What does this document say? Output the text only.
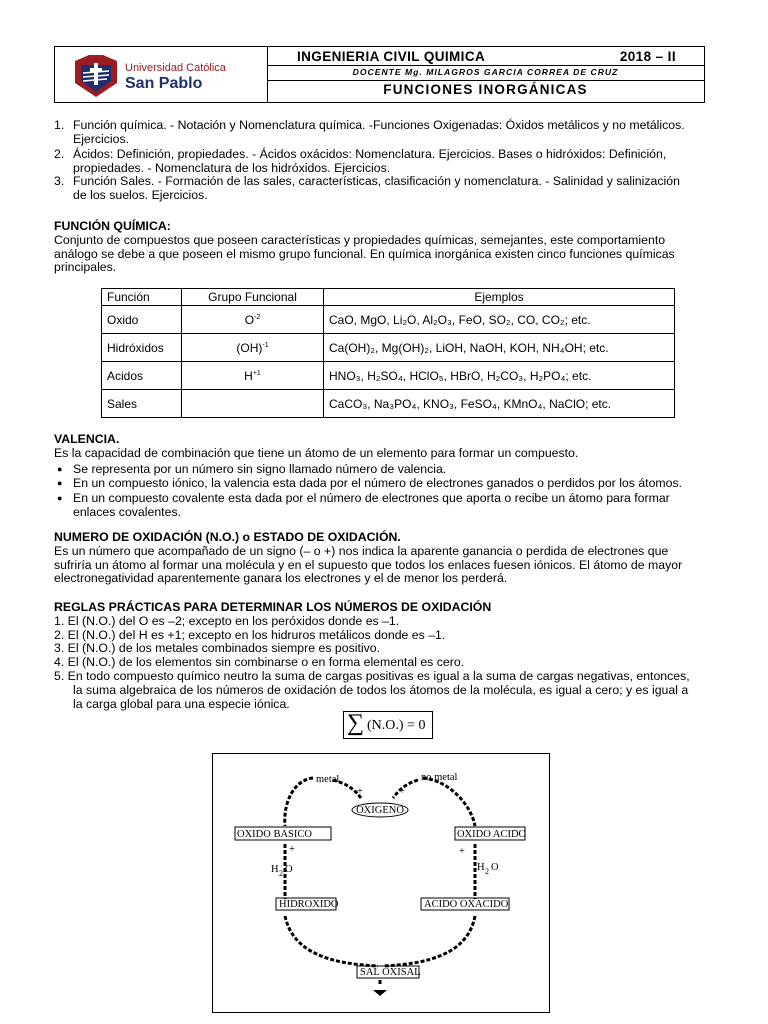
Universidad Católica
San Pablo
INGENIERIA CIVIL QUIMICA	2018 – II
DOCENTE Mg. MILAGROS GARCIA CORREA DE CRUZ
FUNCIONES INORGÁNICAS
1. Función química. - Notación y Nomenclatura química. -Funciones Oxigenadas: Óxidos metálicos y no metálicos.
Ejercicios.
2. Ácidos: Definición, propiedades. - Ácidos oxácidos: Nomenclatura. Ejercicios. Bases o hidróxidos: Definición,
propiedades. - Nomenclatura de los hidróxidos. Ejercicios.
3. Función Sales. - Formación de las sales, características, clasificación y nomenclatura. - Salinidad y salinización
de los suelos. Ejercicios.
FUNCIÓN QUÍMICA:
Conjunto de compuestos que poseen características y propiedades químicas, semejantes, este comportamiento
análogo se debe a que poseen el mismo grupo funcional. En química inorgánica existen cinco funciones químicas
principales.
Función	Grupo Funcional	Ejemplos
Oxido	$O^{-2}$	CaO, MgO, Li₂O, Al₂O₃, FeO, SO₂, CO, CO₂; etc.
Hidróxidos	(OH)$^{-1}$	Ca(OH)₂, Mg(OH)₂, LiOH, NaOH, KOH, NH₄OH; etc.
Acidos	$H^{+1}$	HNO₃, H₂SO₄, HClO₅, HBrO, H₂CO₃, H₂PO₄; etc.
Sales		CaCO₃, Na₃PO₄, KNO₃, FeSO₄, KMnO₄, NaClO; etc.
VALENCIA.
Es la capacidad de combinación que tiene un átomo de un elemento para formar un compuesto.
● Se representa por un número sin signo llamado número de valencia.
● En un compuesto iónico, la valencia esta dada por el número de electrones ganados o perdidos por los átomos.
● En un compuesto covalente esta dada por el número de electrones que aporta o recibe un átomo para formar
enlaces covalentes.
NUMERO DE OXIDACIÓN (N.O.) o ESTADO DE OXIDACIÓN.
Es un número que acompañado de un signo (– o +) nos indica la aparente ganancia o perdida de electrones que
sufriría un átomo al formar una molécula y en el supuesto que todos los enlaces fuesen iónicos. El átomo de mayor
electronegatividad aparentemente ganara los electrones y el de menor los perderá.
REGLAS PRÁCTICAS PARA DETERMINAR LOS NÚMEROS DE OXIDACIÓN
1. El (N.O.) del O es –2; excepto en los peróxidos donde es –1.
2. El (N.O.) del H es +1; excepto en los hidruros metálicos donde es –1.
3. El (N.O.) de los metales combinados siempre es positivo.
4. El (N.O.) de los elementos sin combinarse o en forma elemental es cero.
5. En todo compuesto químico neutro la suma de cargas positivas es igual a la suma de cargas negativas, entonces,
la suma algebraica de los números de oxidación de todos los átomos de la molécula, es igual a cero; y es igual a
la carga global para una especie iónica.
∑ (N.O.) = 0
metal	no metal
OXIGENO
OXIDO BASICO	OXIDO ACIDO
HIDROXIDO	ACIDO OXACIDO
SAL OXISAL
+	+
+	+
H 2 O	H 2 O
